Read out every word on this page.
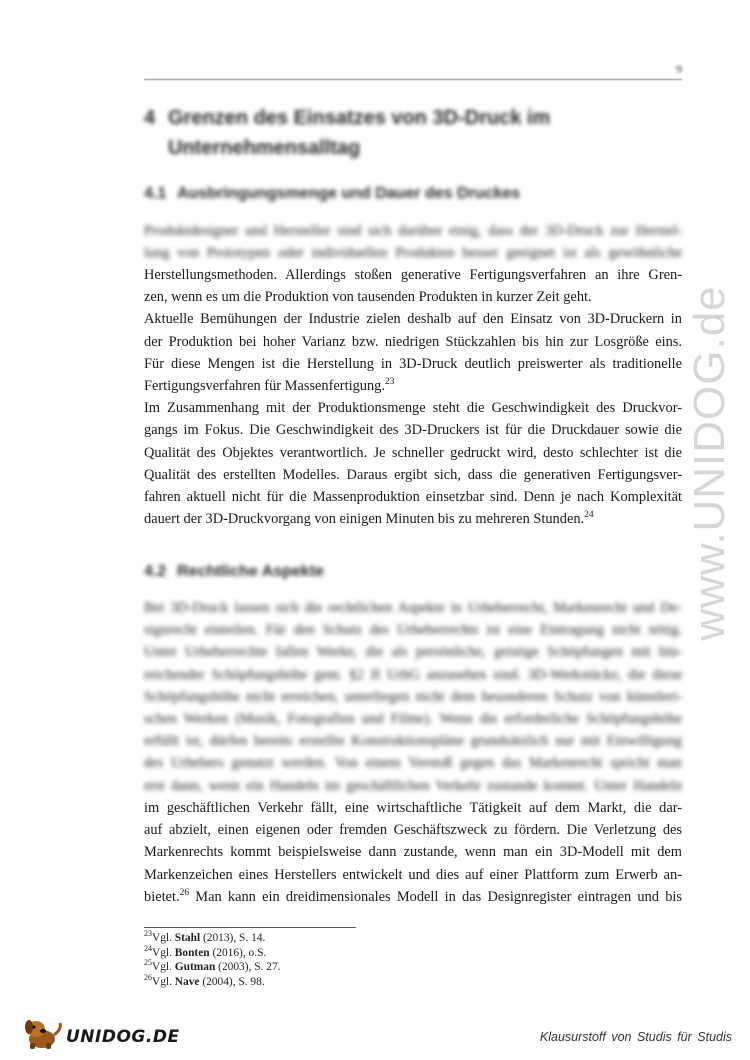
9
4 Grenzen des Einsatzes von 3D-Druck im
Unternehmensalltag
4.1 Ausbringungsmenge und Dauer des Druckes
Produktdesigner und Hersteller sind sich darüber einig, dass der 3D-Druck zur Herstel-
lung von Prototypen oder individuellen Produkten besser geeignet ist als gewöhnliche
Herstellungsmethoden. Allerdings stoßen generative Fertigungsverfahren an ihre Gren-
zen, wenn es um die Produktion von tausenden Produkten in kurzer Zeit geht.
Aktuelle Bemühungen der Industrie zielen deshalb auf den Einsatz von 3D-Druckern in
der Produktion bei hoher Varianz bzw. niedrigen Stückzahlen bis hin zur Losgröße eins.
Für diese Mengen ist die Herstellung in 3D-Druck deutlich preiswerter als traditionelle
Fertigungsverfahren für Massenfertigung.$^{23}$
Im Zusammenhang mit der Produktionsmenge steht die Geschwindigkeit des Druckvor-
gangs im Fokus. Die Geschwindigkeit des 3D-Druckers ist für die Druckdauer sowie die
Qualität des Objektes verantwortlich. Je schneller gedruckt wird, desto schlechter ist die
Qualität des erstellten Modelles. Daraus ergibt sich, dass die generativen Fertigungsver-
fahren aktuell nicht für die Massenproduktion einsetzbar sind. Denn je nach Komplexität
dauert der 3D-Druckvorgang von einigen Minuten bis zu mehreren Stunden.$^{24}$
4.2 Rechtliche Aspekte
Bei 3D-Druck lassen sich die rechtlichen Aspekte in Urheberrecht, Markenrecht und De-
signrecht einteilen. Für den Schutz des Urheberrechts ist eine Eintragung nicht nötig.
Unter Urheberrechte fallen Werke, die als persönliche, geistige Schöpfungen mit hin-
reichender Schöpfungshöhe gem. §2 II UrhG anzusehen sind. 3D-Werkstücke, die diese
Schöpfungshöhe nicht erreichen, unterliegen nicht dem besonderen Schutz von künstleri-
schen Werken (Musik, Fotografien und Filme). Wenn die erforderliche Schöpfungshöhe
erfüllt ist, dürfen bereits erstellte Konstruktionspläne grundsätzlich nur mit Einwilligung
des Urhebers genutzt werden. Von einem Verstoß gegen das Markenrecht spricht man
erst dann, wenn ein Handeln im geschäftlichen Verkehr zustande kommt. Unter Handeln
im geschäftlichen Verkehr fällt, eine wirtschaftliche Tätigkeit auf dem Markt, die dar-
auf abzielt, einen eigenen oder fremden Geschäftszweck zu fördern. Die Verletzung des
Markenrechts kommt beispielsweise dann zustande, wenn man ein 3D-Modell mit dem
Markenzeichen eines Herstellers entwickelt und dies auf einer Plattform zum Erwerb an-
bietet.$^{26}$ Man kann ein dreidimensionales Modell in das Designregister eintragen und bis
$^{23}$Vgl. Stahl (2013), S. 14.
$^{24}$Vgl. Bonten (2016), o.S.
$^{25}$Vgl. Gutman (2003), S. 27.
$^{26}$Vgl. Nave (2004), S. 98.
www.UNIDOG.de
UNIDOG.DE	Klausurstoff von Studis für Studis
